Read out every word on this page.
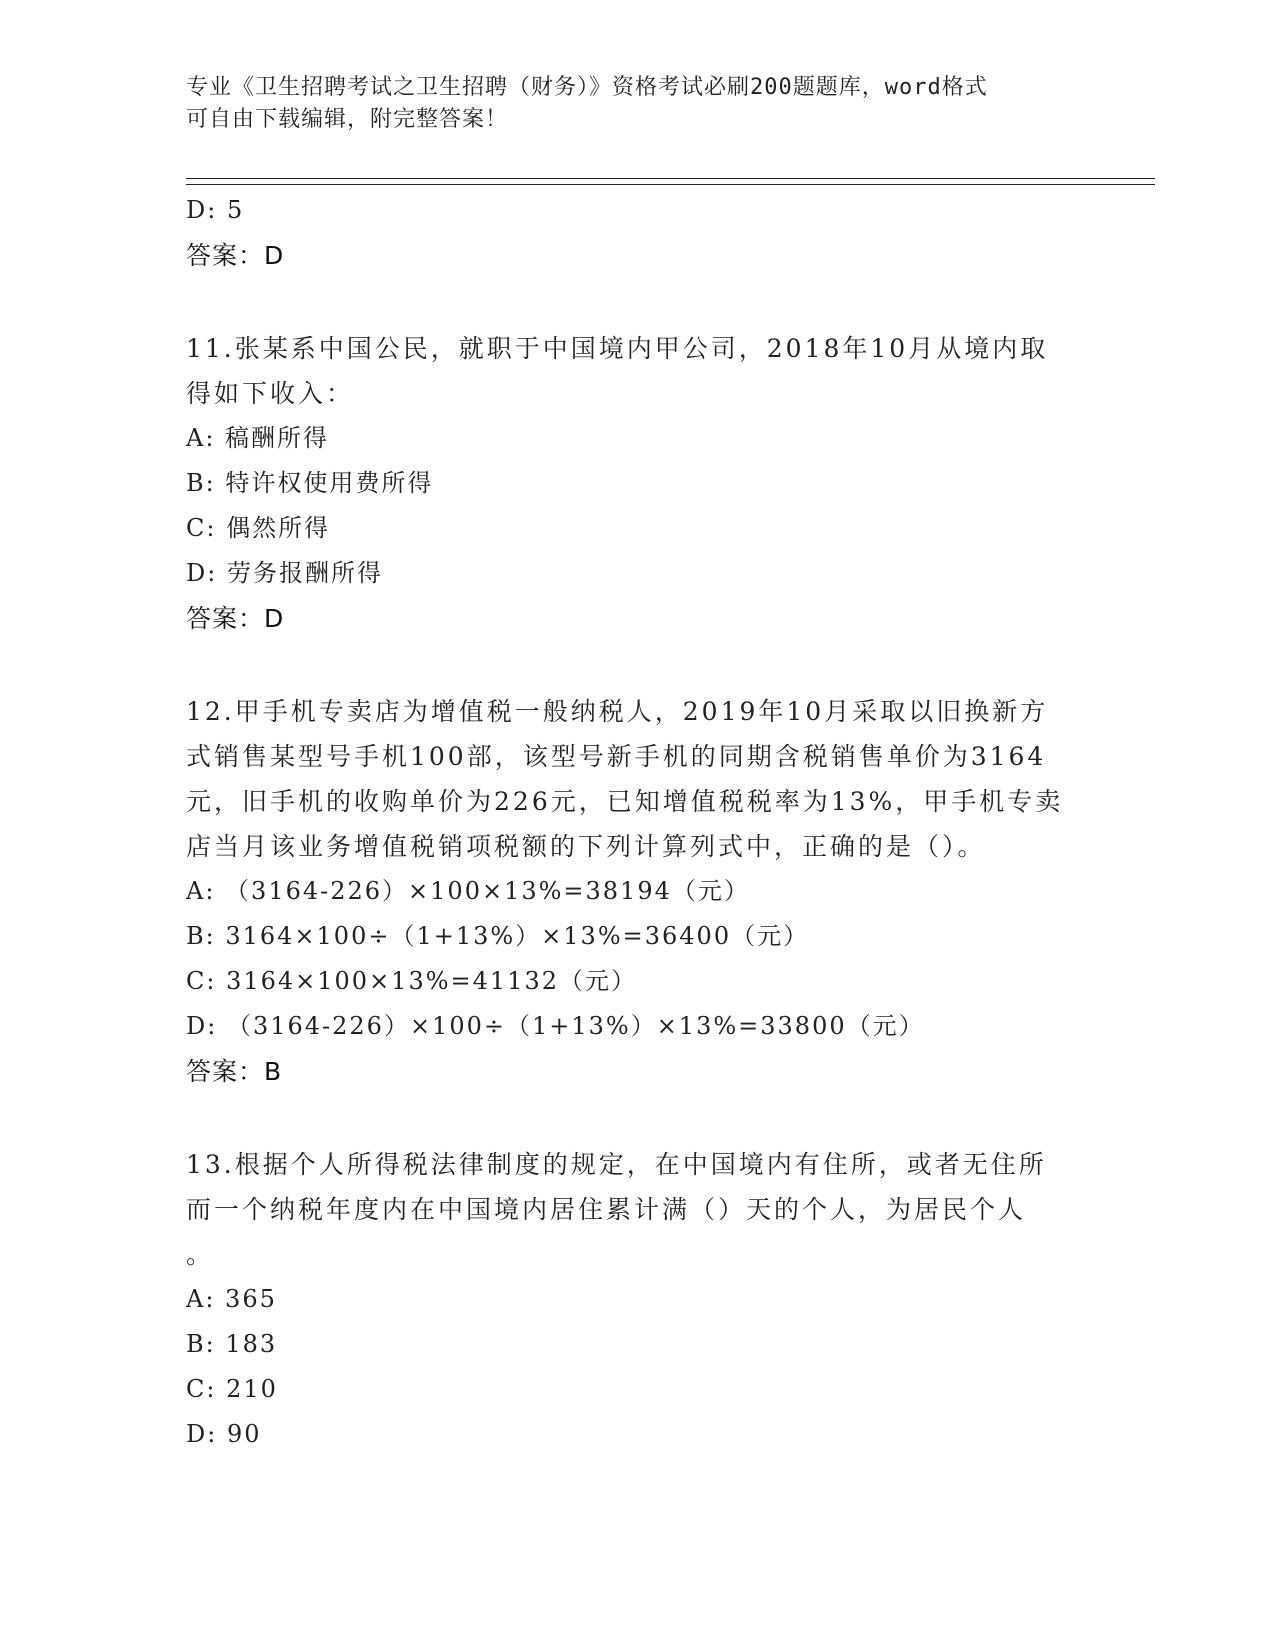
专业《卫生招聘考试之卫生招聘（财务）》资格考试必刷200题题库，word格式
可自由下载编辑，附完整答案！
D: 5
答案：D
11.张某系中国公民，就职于中国境内甲公司，2018年10月从境内取
得如下收入：
A: 稿酬所得
B: 特许权使用费所得
C: 偶然所得
D: 劳务报酬所得
答案：D
12.甲手机专卖店为增值税一般纳税人，2019年10月采取以旧换新方
式销售某型号手机100部，该型号新手机的同期含税销售单价为3164
元，旧手机的收购单价为226元，已知增值税税率为13%，甲手机专卖
店当月该业务增值税销项税额的下列计算列式中，正确的是（）。
A: （3164-226）×100×13%=38194（元）
B: 3164×100÷（1+13%）×13%=36400（元）
C: 3164×100×13%=41132（元）
D: （3164-226）×100÷（1+13%）×13%=33800（元）
答案：B
13.根据个人所得税法律制度的规定，在中国境内有住所，或者无住所
而一个纳税年度内在中国境内居住累计满（）天的个人，为居民个人
。
A: 365
B: 183
C: 210
D: 90
